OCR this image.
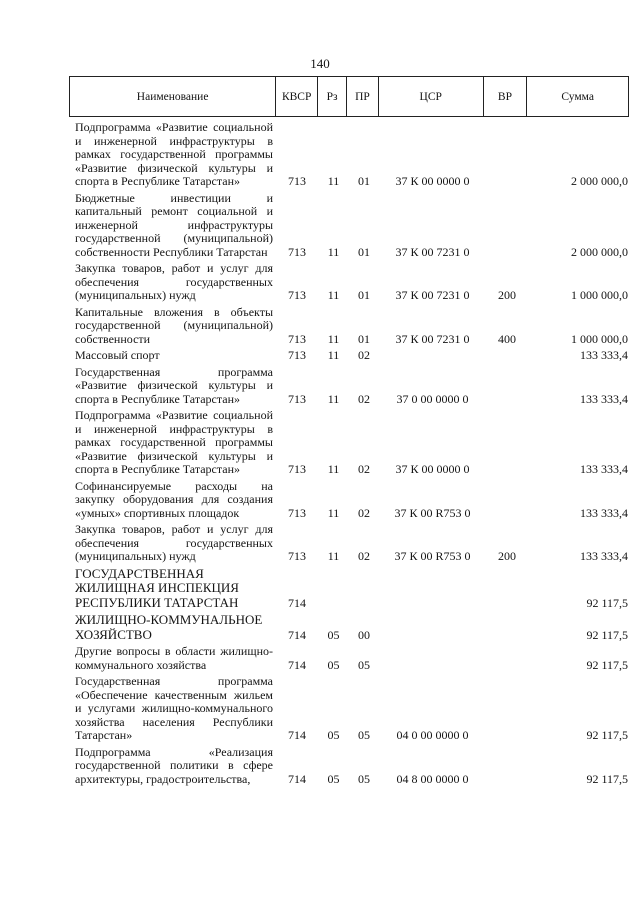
140
Наименование	КВСР	Рз	ПР	ЦСР	ВР	Сумма
Подпрограмма «Развитие социальной и инженерной инфраструктуры в рамках государственной программы «Развитие физической культуры и спорта в Республике Татарстан»	713	11	01	37 К 00 0000 0	2 000 000,0
Бюджетные инвестиции и капитальный ремонт социальной и инженерной инфраструктуры государственной (муниципальной) собственности Республики Татарстан	713	11	01	37 К 00 7231 0	2 000 000,0
Закупка товаров, работ и услуг для обеспечения государственных (муниципальных) нужд	713	11	01	37 К 00 7231 0	200	1 000 000,0
Капитальные вложения в объекты государственной (муниципальной) собственности	713	11	01	37 К 00 7231 0	400	1 000 000,0
Массовый спорт	713	11	02	133 333,4
Государственная программа «Развитие физической культуры и спорта в Республике Татарстан»	713	11	02	37 0 00 0000 0	133 333,4
Подпрограмма «Развитие социальной и инженерной инфраструктуры в рамках государственной программы «Развитие физической культуры и спорта в Республике Татарстан»	713	11	02	37 К 00 0000 0	133 333,4
Софинансируемые расходы на закупку оборудования для создания «умных» спортивных площадок	713	11	02	37 К 00 R753 0	133 333,4
Закупка товаров, работ и услуг для обеспечения государственных (муниципальных) нужд	713	11	02	37 К 00 R753 0	200	133 333,4
ГОСУДАРСТВЕННАЯ ЖИЛИЩНАЯ ИНСПЕКЦИЯ РЕСПУБЛИКИ ТАТАРСТАН	714	92 117,5
ЖИЛИЩНО-КОММУНАЛЬНОЕ ХОЗЯЙСТВО	714	05	00	92 117,5
Другие вопросы в области жилищно-коммунального хозяйства	714	05	05	92 117,5
Государственная программа «Обеспечение качественным жильем и услугами жилищно-коммунального хозяйства населения Республики Татарстан»	714	05	05	04 0 00 0000 0	92 117,5
Подпрограмма «Реализация государственной политики в сфере архитектуры, градостроительства,	714	05	05	04 8 00 0000 0	92 117,5
